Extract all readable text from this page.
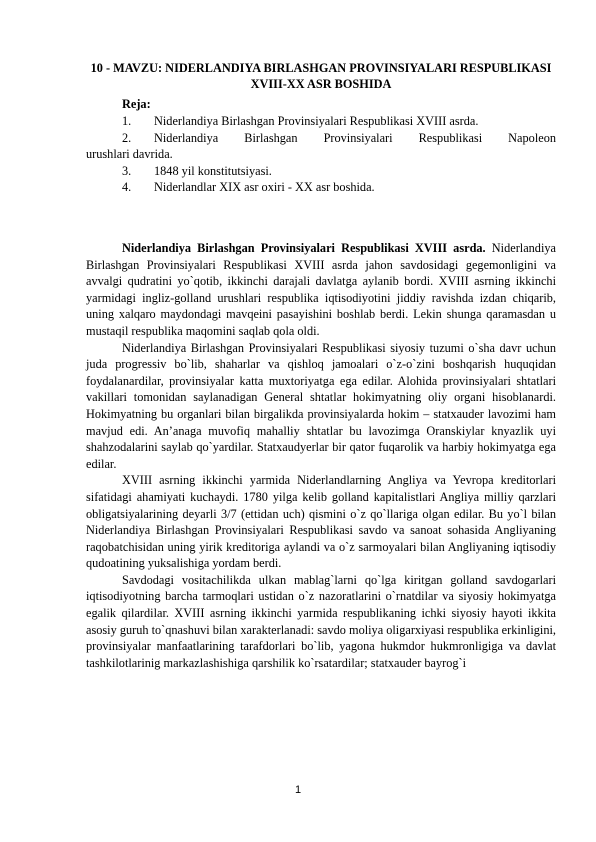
10 - MAVZU: NIDERLANDIYA BIRLASHGAN PROVINSIYALARI RESPUBLIKASI XVIII-XX ASR BOSHIDA
Reja:
1.	Niderlandiya Birlashgan Provinsiyalari Respublikasi XVIII asrda.
2.	Niderlandiya Birlashgan Provinsiyalari Respublikasi Napoleon
urushlari davrida.
3.	1848 yil konstitutsiyasi.
4.	Niderlandlar XIX asr oxiri - XX asr boshida.

Niderlandiya Birlashgan Provinsiyalari Respublikasi XVIII asrda. Niderlandiya Birlashgan Provinsiyalari Respublikasi XVIII asrda jahon savdosidagi gegemonligini va avvalgi qudratini yo`qotib, ikkinchi darajali davlatga aylanib bordi. XVIII asrning ikkinchi yarmidagi ingliz-golland urushlari respublika iqtisodiyotini jiddiy ravishda izdan chiqarib, uning xalqaro maydondagi mavqeini pasayishini boshlab berdi. Lekin shunga qaramasdan u mustaqil respublika maqomini saqlab qola oldi.

Niderlandiya Birlashgan Provinsiyalari Respublikasi siyosiy tuzumi o`sha davr uchun juda progressiv bo`lib, shaharlar va qishloq jamoalari o`z-o`zini boshqarish huquqidan foydalanardilar, provinsiyalar katta muxtoriyatga ega edilar. Alohida provinsiyalari shtatlari vakillari tomonidan saylanadigan General shtatlar hokimyatning oliy organi hisoblanardi. Hokimyatning bu organlari bilan birgalikda provinsiyalarda hokim – statxauder lavozimi ham mavjud edi. An’anaga muvofiq mahalliy shtatlar bu lavozimga Oranskiylar knyazlik uyi shahzodalarini saylab qo`yardilar. Statxaudyerlar bir qator fuqarolik va harbiy hokimyatga ega edilar.

XVIII asrning ikkinchi yarmida Niderlandlarning Angliya va Yevropa kreditorlari sifatidagi ahamiyati kuchaydi. 1780 yilga kelib golland kapitalistlari Angliya milliy qarzlari obligatsiyalarining deyarli 3/7 (ettidan uch) qismini o`z qo`llariga olgan edilar. Bu yo`l bilan Niderlandiya Birlashgan Provinsiyalari Respublikasi savdo va sanoat sohasida Angliyaning raqobatchisidan uning yirik kreditoriga aylandi va o`z sarmoyalari bilan Angliyaning iqtisodiy qudoatining yuksalishiga yordam berdi.

Savdodagi vositachilikda ulkan mablag`larni qo`lga kiritgan golland savdogarlari iqtisodiyotning barcha tarmoqlari ustidan o`z nazoratlarini o`rnatdilar va siyosiy hokimyatga egalik qilardilar. XVIII asrning ikkinchi yarmida respublikaning ichki siyosiy hayoti ikkita asosiy guruh to`qnashuvi bilan xarakterlanadi: savdo moliya oligarxiyasi respublika erkinligini, provinsiyalar manfaatlarining tarafdorlari bo`lib, yagona hukmdor hukmronligiga va davlat tashkilotlarinig markazlashishiga qarshilik ko`rsatardilar; statxauder bayrog`i

1
